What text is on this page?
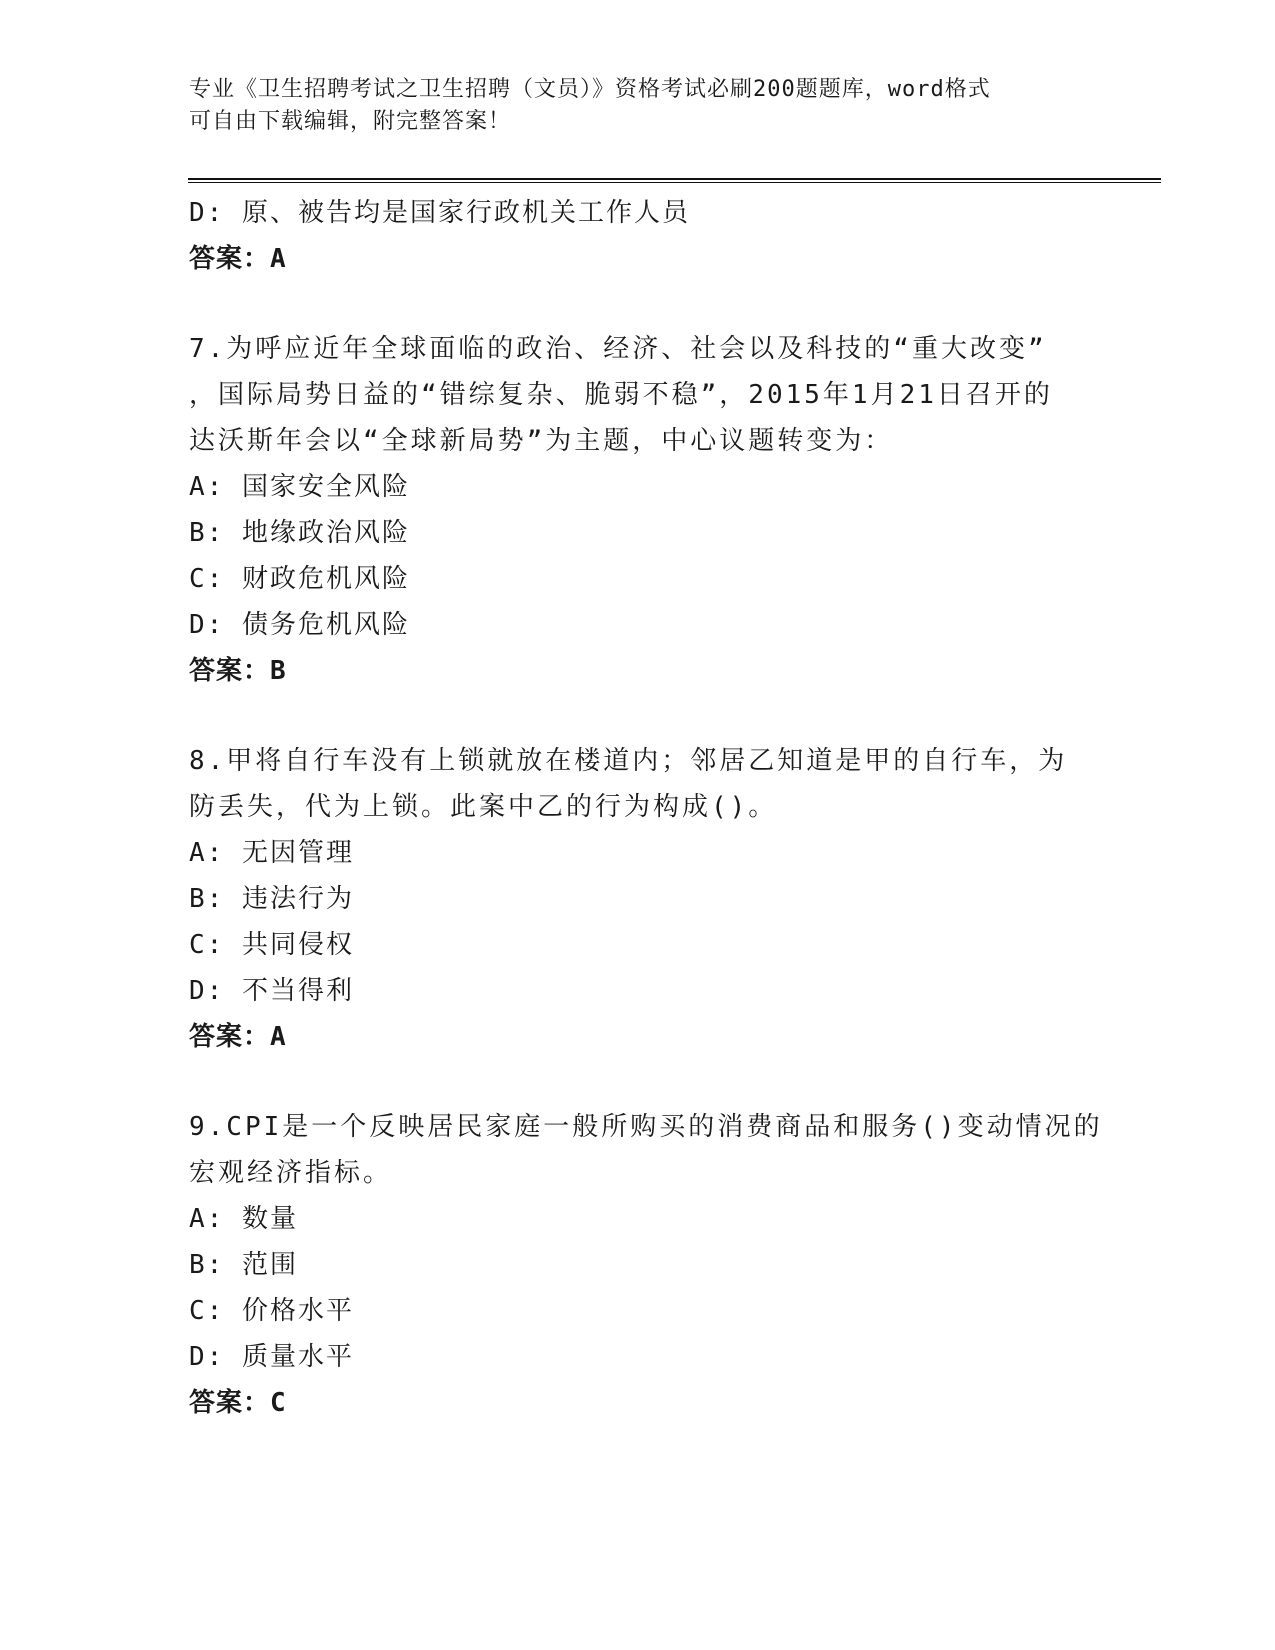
专业《卫生招聘考试之卫生招聘（文员）》资格考试必刷200题题库，word格式
可自由下载编辑，附完整答案！
D: 原、被告均是国家行政机关工作人员
答案：A
7.为呼应近年全球面临的政治、经济、社会以及科技的“重大改变”
，国际局势日益的“错综复杂、脆弱不稳”，2015年1月21日召开的
达沃斯年会以“全球新局势”为主题，中心议题转变为：
A: 国家安全风险
B: 地缘政治风险
C: 财政危机风险
D: 债务危机风险
答案：B
8.甲将自行车没有上锁就放在楼道内；邻居乙知道是甲的自行车，为
防丢失，代为上锁。此案中乙的行为构成()。
A: 无因管理
B: 违法行为
C: 共同侵权
D: 不当得利
答案：A
9.CPI是一个反映居民家庭一般所购买的消费商品和服务()变动情况的
宏观经济指标。
A: 数量
B: 范围
C: 价格水平
D: 质量水平
答案：C
